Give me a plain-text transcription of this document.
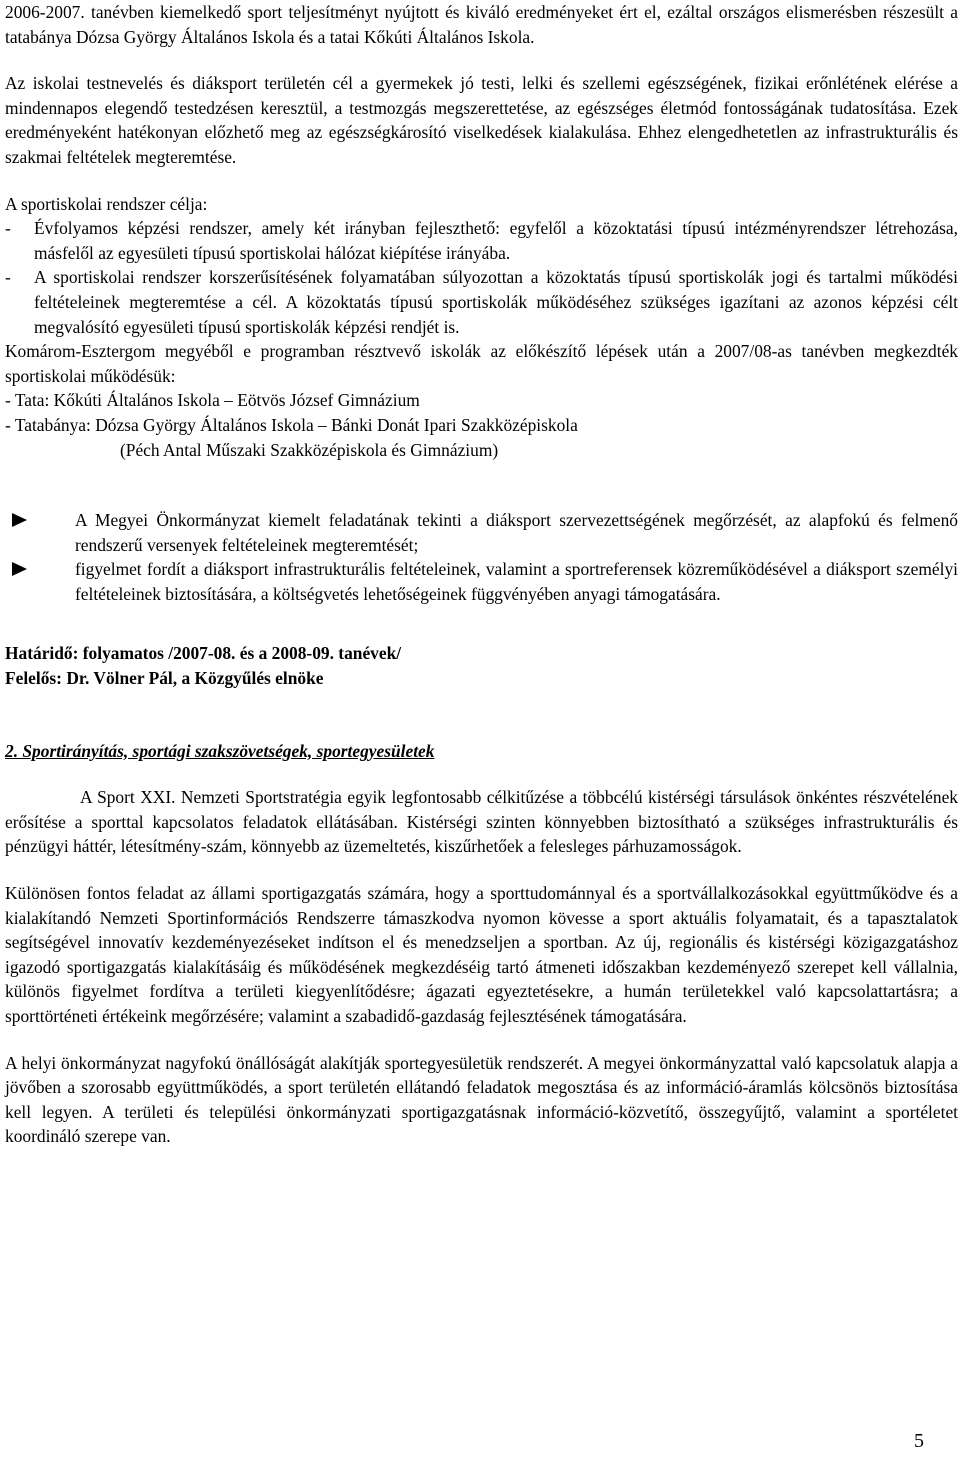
2006-2007. tanévben kiemelkedő sport teljesítményt nyújtott és kiváló eredményeket ért el, ezáltal országos elismerésben részesült a tatabánya Dózsa György Általános Iskola és a tatai Kőkúti Általános Iskola.

Az iskolai testnevelés és diáksport területén cél a gyermekek jó testi, lelki és szellemi egészségének, fizikai erőnlétének elérése a mindennapos elegendő testedzésen keresztül, a testmozgás megszerettetése, az egészséges életmód fontosságának tudatosítása. Ezek eredményeként hatékonyan előzhető meg az egészségkárosító viselkedések kialakulása. Ehhez elengedhetetlen az infrastrukturális és szakmai feltételek megteremtése.

A sportiskolai rendszer célja:

-	Évfolyamos képzési rendszer, amely két irányban fejleszthető: egyfelől a közoktatási típusú intézményrendszer létrehozása, másfelől az egyesületi típusú sportiskolai hálózat kiépítése irányába.
-	A sportiskolai rendszer korszerűsítésének folyamatában súlyozottan a közoktatás típusú sportiskolák jogi és tartalmi működési feltételeinek megteremtése a cél. A közoktatás típusú sportiskolák működéséhez szükséges igazítani az azonos képzési célt megvalósító egyesületi típusú sportiskolák képzési rendjét is.

Komárom-Esztergom megyéből e programban résztvevő iskolák az előkészítő lépések után a 2007/08-as tanévben megkezdték sportiskolai működésük:

- Tata: Kőkúti Általános Iskola – Eötvös József Gimnázium

- Tatabánya: Dózsa György Általános Iskola – Bánki Donát Ipari Szakközépiskola

(Péch Antal Műszaki Szakközépiskola és Gimnázium)

A Megyei Önkormányzat kiemelt feladatának tekinti a diáksport szervezettségének megőrzését, az alapfokú és felmenő rendszerű versenyek feltételeinek megteremtését;
figyelmet fordít a diáksport infrastrukturális feltételeinek, valamint a sportreferensek közreműködésével a diáksport személyi feltételeinek biztosítására, a költségvetés lehetőségeinek függvényében anyagi támogatására.

Határidő: folyamatos /2007-08. és a 2008-09. tanévek/

Felelős: Dr. Völner Pál, a Közgyűlés elnöke

2. Sportirányítás, sportági szakszövetségek, sportegyesületek

A Sport XXI. Nemzeti Sportstratégia egyik legfontosabb célkitűzése a többcélú kistérségi társulások önkéntes részvételének erősítése a sporttal kapcsolatos feladatok ellátásában. Kistérségi szinten könnyebben biztosítható a szükséges infrastrukturális és pénzügyi háttér, létesítmény-szám, könnyebb az üzemeltetés, kiszűrhetőek a felesleges párhuzamosságok.

Különösen fontos feladat az állami sportigazgatás számára, hogy a sporttudománnyal és a sportvállalkozásokkal együttműködve és a kialakítandó Nemzeti Sportinformációs Rendszerre támaszkodva nyomon kövesse a sport aktuális folyamatait, és a tapasztalatok segítségével innovatív kezdeményezéseket indítson el és menedzseljen a sportban. Az új, regionális és kistérségi közigazgatáshoz igazodó sportigazgatás kialakításáig és működésének megkezdéséig tartó átmeneti időszakban kezdeményező szerepet kell vállalnia, különös figyelmet fordítva a területi kiegyenlítődésre; ágazati egyeztetésekre, a humán területekkel való kapcsolattartásra; a sporttörténeti értékeink megőrzésére; valamint a szabadidő-gazdaság fejlesztésének támogatására.

A helyi önkormányzat nagyfokú önállóságát alakítják sportegyesületük rendszerét. A megyei önkormányzattal való kapcsolatuk alapja a jövőben a szorosabb együttműködés, a sport területén ellátandó feladatok megosztása és az információ-áramlás kölcsönös biztosítása kell legyen. A területi és települési önkormányzati sportigazgatásnak információ-közvetítő, összegyűjtő, valamint a sportéletet koordináló szerepe van.

5
